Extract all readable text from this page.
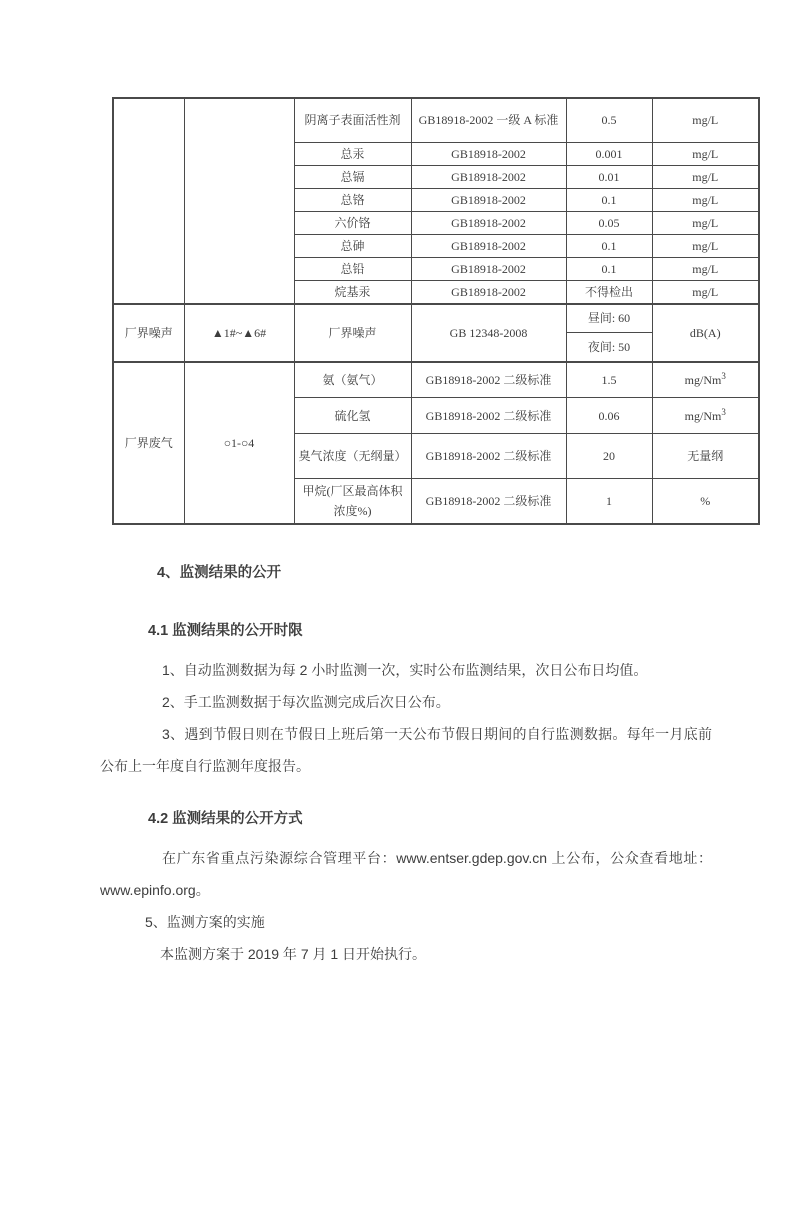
		阴离子表面活性剂	GB18918-2002 一级 A 标准	0.5	mg/L
		总汞	GB18918-2002	0.001	mg/L
		总镉	GB18918-2002	0.01	mg/L
		总铬	GB18918-2002	0.1	mg/L
		六价铬	GB18918-2002	0.05	mg/L
		总砷	GB18918-2002	0.1	mg/L
		总铅	GB18918-2002	0.1	mg/L
		烷基汞	GB18918-2002	不得检出	mg/L
厂界噪声	▲1#~▲6#	厂界噪声	GB 12348-2008	昼间: 60	dB(A)
				夜间: 50	
厂界废气	○1-○4	氨（氨气）	GB18918-2002 二级标准	1.5	mg/Nm$^3$
		硫化氢	GB18918-2002 二级标准	0.06	mg/Nm$^3$
		臭气浓度（无纲量）	GB18918-2002 二级标准	20	无量纲
		甲烷(厂区最高体积浓度%)	GB18918-2002 二级标准	1	%
4、监测结果的公开
4.1 监测结果的公开时限

1、自动监测数据为每 2 小时监测一次，实时公布监测结果，次日公布日均值。

2、手工监测数据于每次监测完成后次日公布。

3、遇到节假日则在节假日上班后第一天公布节假日期间的自行监测数据。每年一月底前公布上一年度自行监测年度报告。

4.2 监测结果的公开方式

在广东省重点污染源综合管理平台：www.entser.gdep.gov.cn 上公布，公众查看地址：www.epinfo.org。

5、监测方案的实施

本监测方案于 2019 年 7 月 1 日开始执行。
